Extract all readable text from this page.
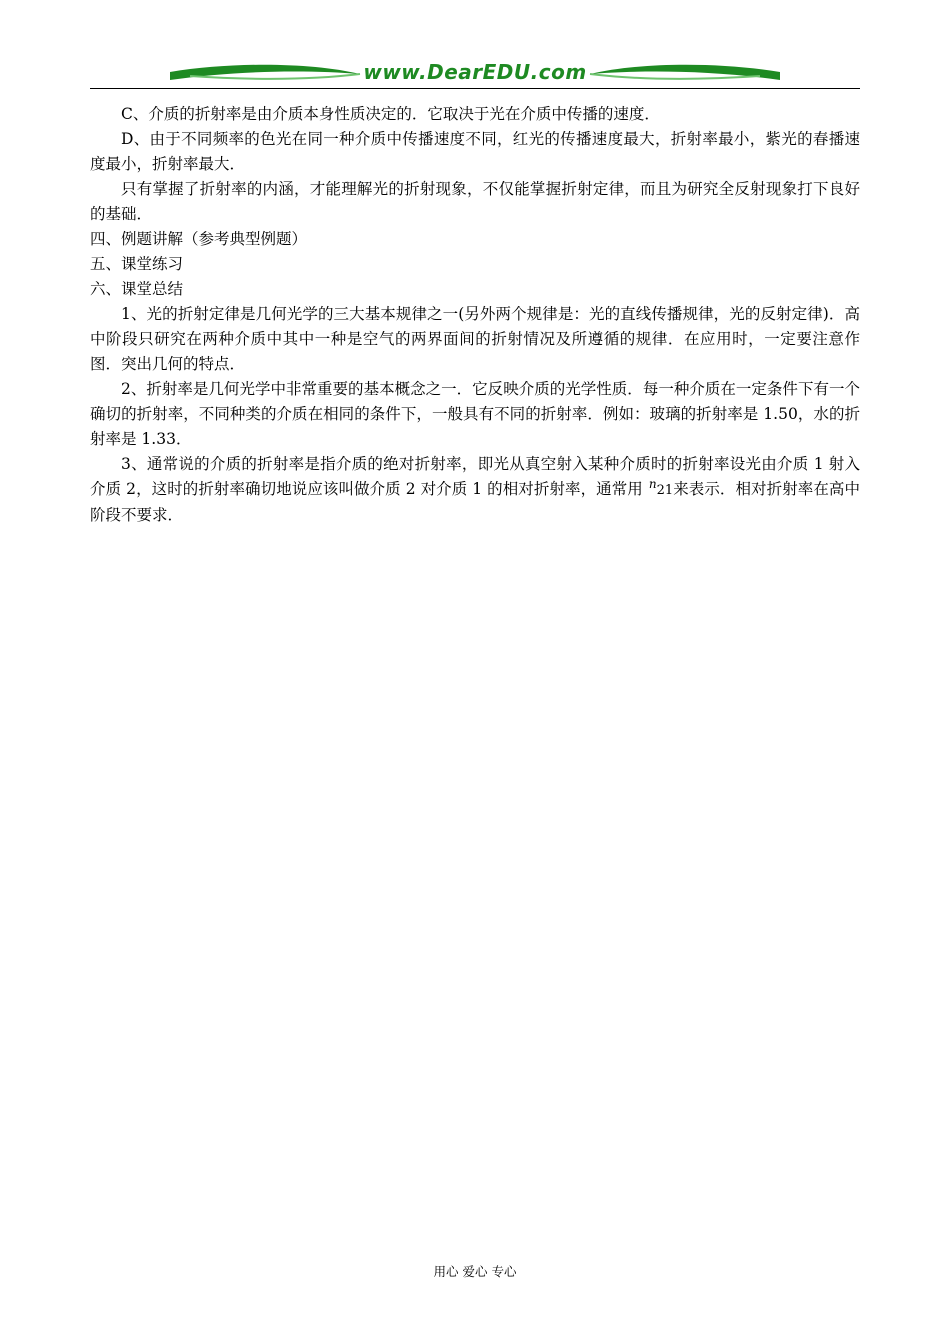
www.DearEDU.com

C、介质的折射率是由介质本身性质决定的．它取决于光在介质中传播的速度．

D、由于不同频率的色光在同一种介质中传播速度不同，红光的传播速度最大，折射率最小，紫光的春播速度最小，折射率最大．

只有掌握了折射率的内涵，才能理解光的折射现象，不仅能掌握折射定律，而且为研究全反射现象打下良好的基础．

四、例题讲解（参考典型例题）

五、课堂练习

六、课堂总结

1、光的折射定律是几何光学的三大基本规律之一(另外两个规律是：光的直线传播规律，光的反射定律)．高中阶段只研究在两种介质中其中一种是空气的两界面间的折射情况及所遵循的规律．在应用时，一定要注意作图．突出几何的特点．

2、折射率是几何光学中非常重要的基本概念之一．它反映介质的光学性质．每一种介质在一定条件下有一个确切的折射率，不同种类的介质在相同的条件下，一般具有不同的折射率．例如：玻璃的折射率是 1.50，水的折射率是 1.33．

3、通常说的介质的折射率是指介质的绝对折射率，即光从真空射入某种介质时的折射率设光由介质 1 射入介质 2，这时的折射率确切地说应该叫做介质 2 对介质 1 的相对折射率，通常用 $^n$21来表示．相对折射率在高中阶段不要求．

用心 爱心 专心
